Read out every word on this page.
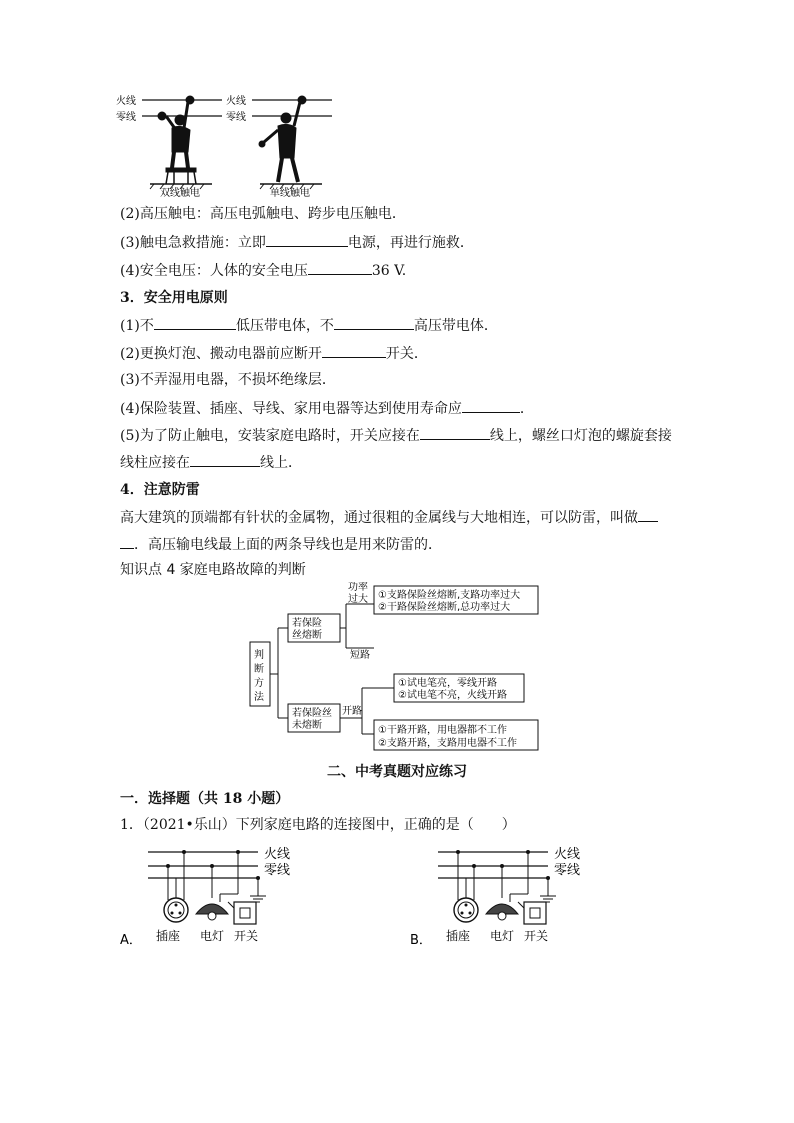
火线
零线
双线触电
火线
零线
单线触电
(2)高压触电：高压电弧触电、跨步电压触电．
(3)触电急救措施：立即	电源，再进行施救．
(4)安全电压：人体的安全电压	36 V.
3．安全用电原则
(1)不	低压带电体，不	高压带电体．
(2)更换灯泡、搬动电器前应断开	开关．
(3)不弄湿用电器，不损坏绝缘层．
(4)保险装置、插座、导线、家用电器等达到使用寿命应	．
(5)为了防止触电，安装家庭电路时，开关应接在	线上，螺丝口灯泡的螺旋套接
线柱应接在	线上．
4．注意防雷
高大建筑的顶端都有针状的金属物，通过很粗的金属线与大地相连，可以防雷，叫做
．高压输电线最上面的两条导线也是用来防雷的．
知识点 4 家庭电路故障的判断
判
断
方
法
若保险
丝熔断
功率
过大
短路
①支路保险丝熔断,支路功率过大
②干路保险丝熔断,总功率过大
若保险丝
未熔断
开路
①试电笔亮，零线开路
②试电笔不亮，火线开路
①干路开路，用电器都不工作
②支路开路，支路用电器不工作
二、中考真题对应练习
一．选择题（共 18 小题）
1．（2021•乐山）下列家庭电路的连接图中，正确的是（　　）
A．
火线
零线
插座 电灯 开关	B．
火线
零线
插座 电灯 开关
